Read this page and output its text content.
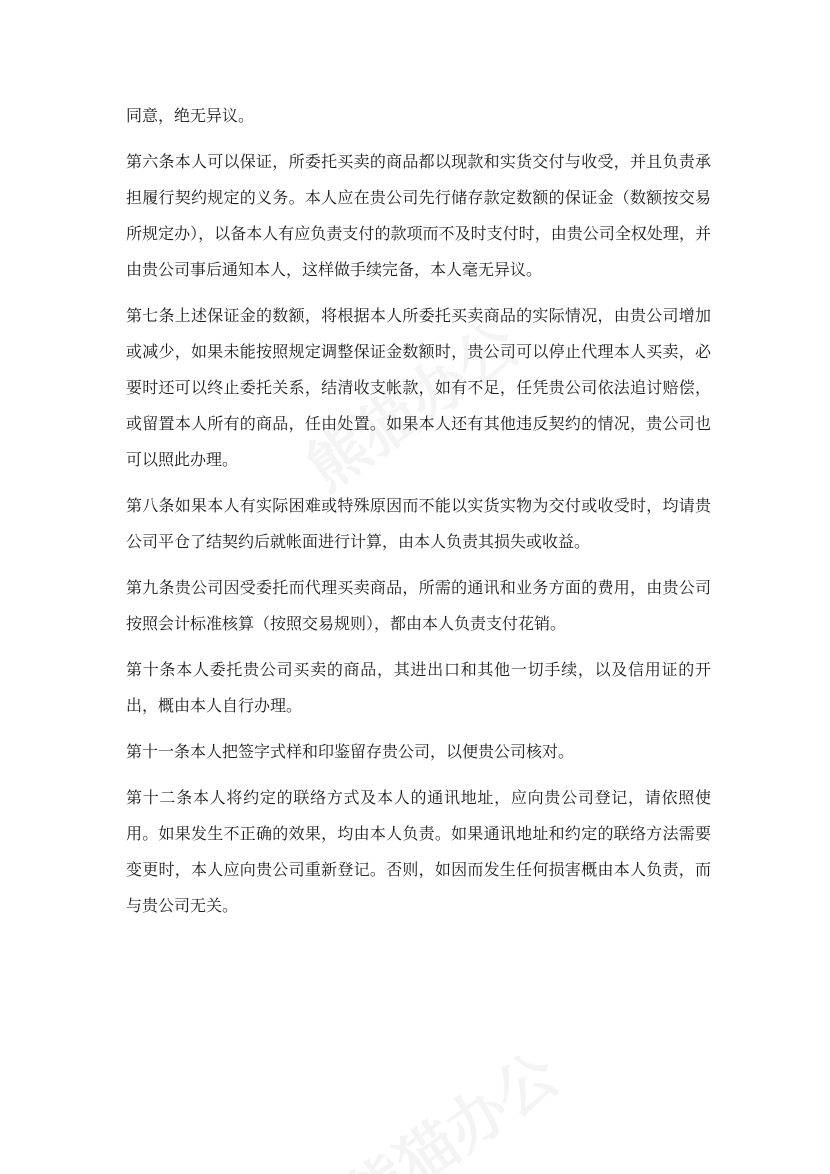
同意，绝无异议。

第六条本人可以保证，所委托买卖的商品都以现款和实货交付与收受，并且负责承担履行契约规定的义务。本人应在贵公司先行储存款定数额的保证金（数额按交易所规定办），以备本人有应负责支付的款项而不及时支付时，由贵公司全权处理，并由贵公司事后通知本人，这样做手续完备，本人毫无异议。

第七条上述保证金的数额，将根据本人所委托买卖商品的实际情况，由贵公司增加或减少，如果未能按照规定调整保证金数额时，贵公司可以停止代理本人买卖，必要时还可以终止委托关系，结清收支帐款，如有不足，任凭贵公司依法追讨赔偿，或留置本人所有的商品，任由处置。如果本人还有其他违反契约的情况，贵公司也可以照此办理。

第八条如果本人有实际困难或特殊原因而不能以实货实物为交付或收受时，均请贵公司平仓了结契约后就帐面进行计算，由本人负责其损失或收益。

第九条贵公司因受委托而代理买卖商品，所需的通讯和业务方面的费用，由贵公司按照会计标准核算（按照交易规则），都由本人负责支付花销。

第十条本人委托贵公司买卖的商品，其进出口和其他一切手续，以及信用证的开出，概由本人自行办理。

第十一条本人把签字式样和印鉴留存贵公司，以便贵公司核对。

第十二条本人将约定的联络方式及本人的通讯地址，应向贵公司登记，请依照使用。如果发生不正确的效果，均由本人负责。如果通讯地址和约定的联络方法需要变更时，本人应向贵公司重新登记。否则，如因而发生任何损害概由本人负责，而与贵公司无关。
